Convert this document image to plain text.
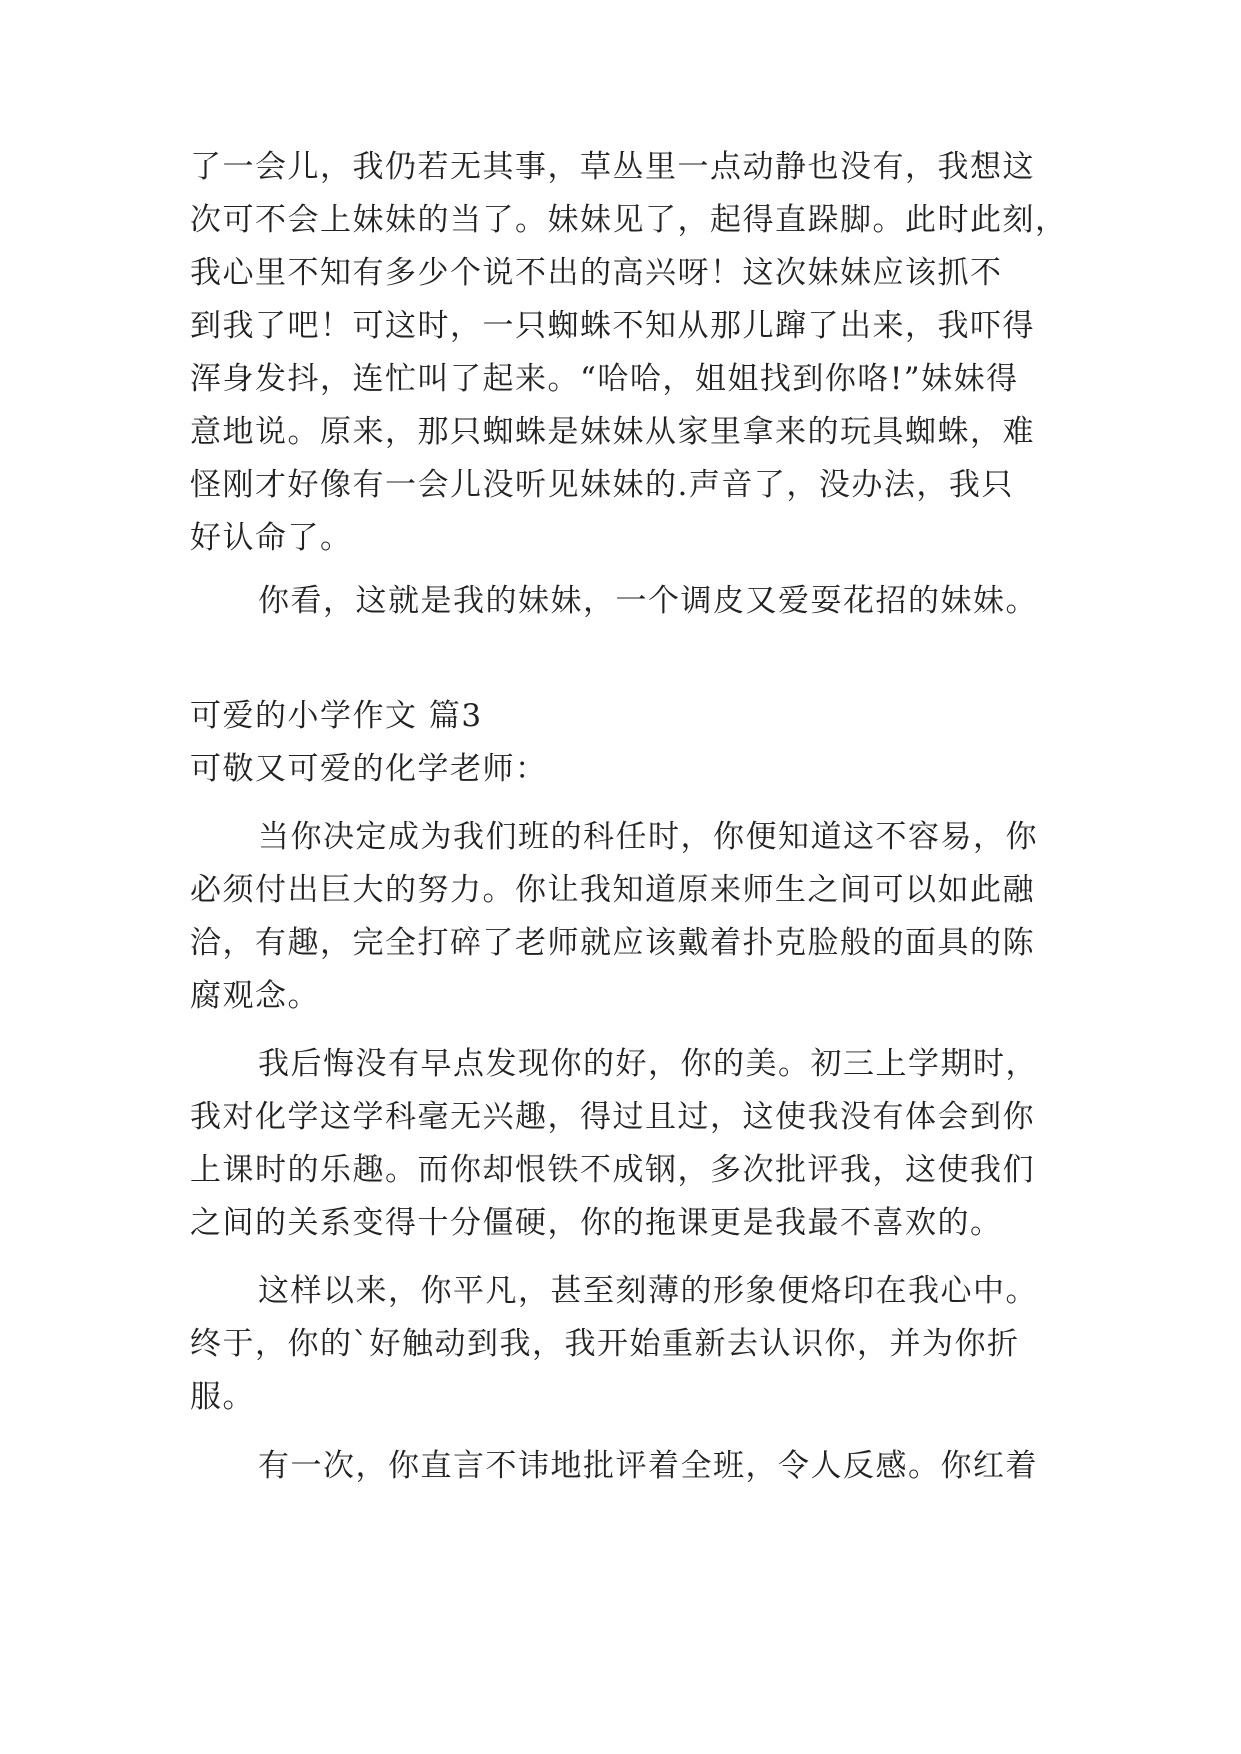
了一会儿，我仍若无其事，草丛里一点动静也没有，我想这
次可不会上妹妹的当了。妹妹见了，起得直跺脚。此时此刻，
我心里不知有多少个说不出的高兴呀！这次妹妹应该抓不
到我了吧！可这时，一只蜘蛛不知从那儿蹿了出来，我吓得
浑身发抖，连忙叫了起来。“哈哈，姐姐找到你咯!”妹妹得
意地说。原来，那只蜘蛛是妹妹从家里拿来的玩具蜘蛛，难
怪刚才好像有一会儿没听见妹妹的.声音了，没办法，我只
好认命了。
你看，这就是我的妹妹，一个调皮又爱耍花招的妹妹。
可爱的小学作文 篇3
可敬又可爱的化学老师：
当你决定成为我们班的科任时，你便知道这不容易，你
必须付出巨大的努力。你让我知道原来师生之间可以如此融
洽，有趣，完全打碎了老师就应该戴着扑克脸般的面具的陈
腐观念。
我后悔没有早点发现你的好，你的美。初三上学期时，
我对化学这学科毫无兴趣，得过且过，这使我没有体会到你
上课时的乐趣。而你却恨铁不成钢，多次批评我，这使我们
之间的关系变得十分僵硬，你的拖课更是我最不喜欢的。
这样以来，你平凡，甚至刻薄的形象便烙印在我心中。
终于，你的`好触动到我，我开始重新去认识你，并为你折
服。
有一次，你直言不讳地批评着全班，令人反感。你红着
